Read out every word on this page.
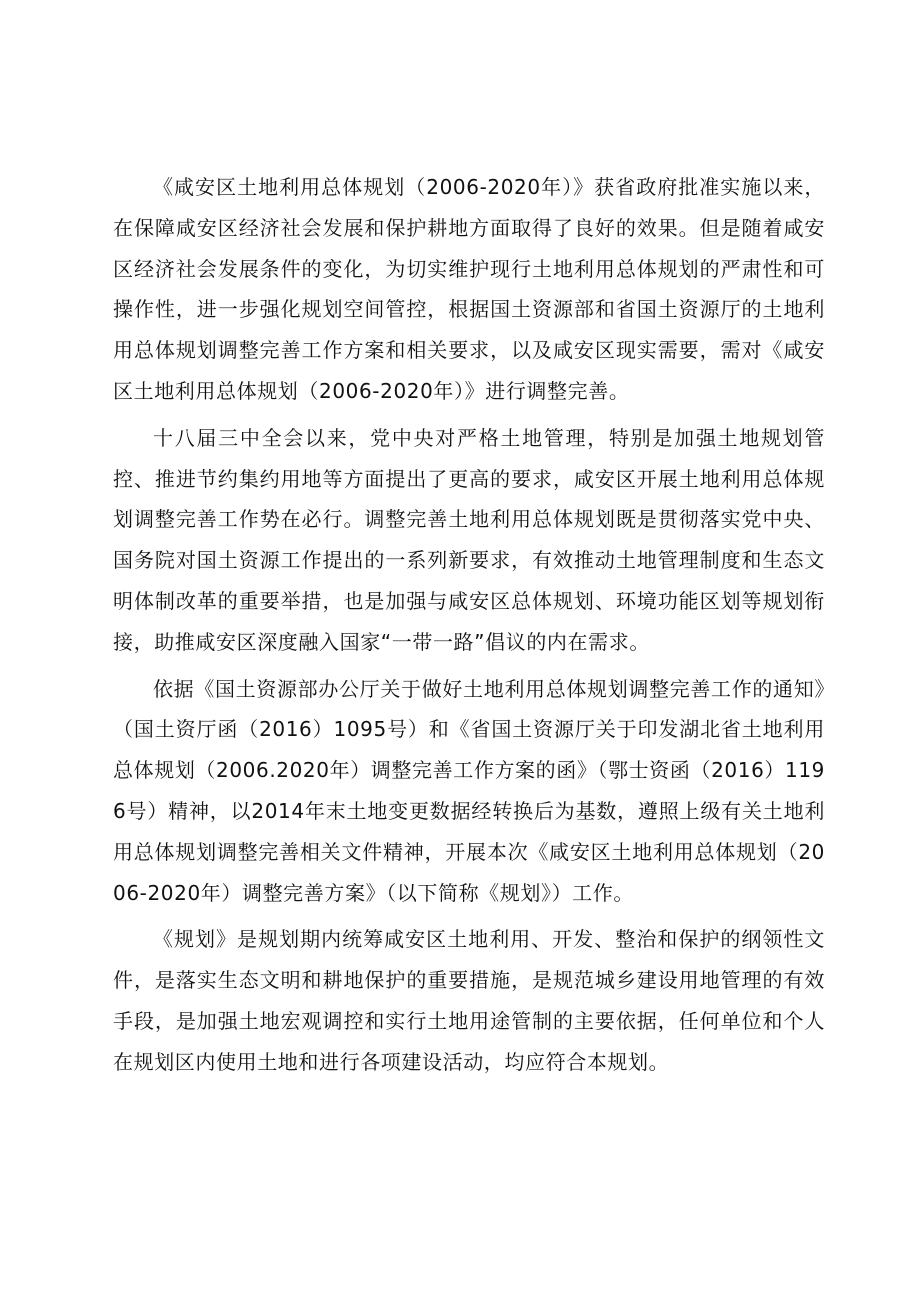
《咸安区土地利用总体规划（2006-2020年）》获省政府批准实施以来，在保障咸安区经济社会发展和保护耕地方面取得了良好的效果。但是随着咸安区经济社会发展条件的变化，为切实维护现行土地利用总体规划的严肃性和可操作性，进一步强化规划空间管控，根据国土资源部和省国土资源厅的土地利用总体规划调整完善工作方案和相关要求，以及咸安区现实需要，需对《咸安区土地利用总体规划（2006-2020年）》进行调整完善。

十八届三中全会以来，党中央对严格土地管理，特别是加强土地规划管控、推进节约集约用地等方面提出了更高的要求，咸安区开展土地利用总体规划调整完善工作势在必行。调整完善土地利用总体规划既是贯彻落实党中央、国务院对国土资源工作提出的一系列新要求，有效推动土地管理制度和生态文明体制改革的重要举措，也是加强与咸安区总体规划、环境功能区划等规划衔接，助推咸安区深度融入国家“一带一路”倡议的内在需求。

依据《国土资源部办公厅关于做好土地利用总体规划调整完善工作的通知》（国土资厅函（2016）1095号）和《省国土资源厅关于印发湖北省土地利用总体规划（2006.2020年）调整完善工作方案的函》（鄂士资函（2016）1196号）精神，以2014年末土地变更数据经转换后为基数，遵照上级有关土地利用总体规划调整完善相关文件精神，开展本次《咸安区土地利用总体规划（2006-2020年）调整完善方案》（以下简称《规划》）工作。

《规划》是规划期内统筹咸安区土地利用、开发、整治和保护的纲领性文件，是落实生态文明和耕地保护的重要措施，是规范城乡建设用地管理的有效手段，是加强土地宏观调控和实行土地用途管制的主要依据，任何单位和个人在规划区内使用土地和进行各项建设活动，均应符合本规划。
